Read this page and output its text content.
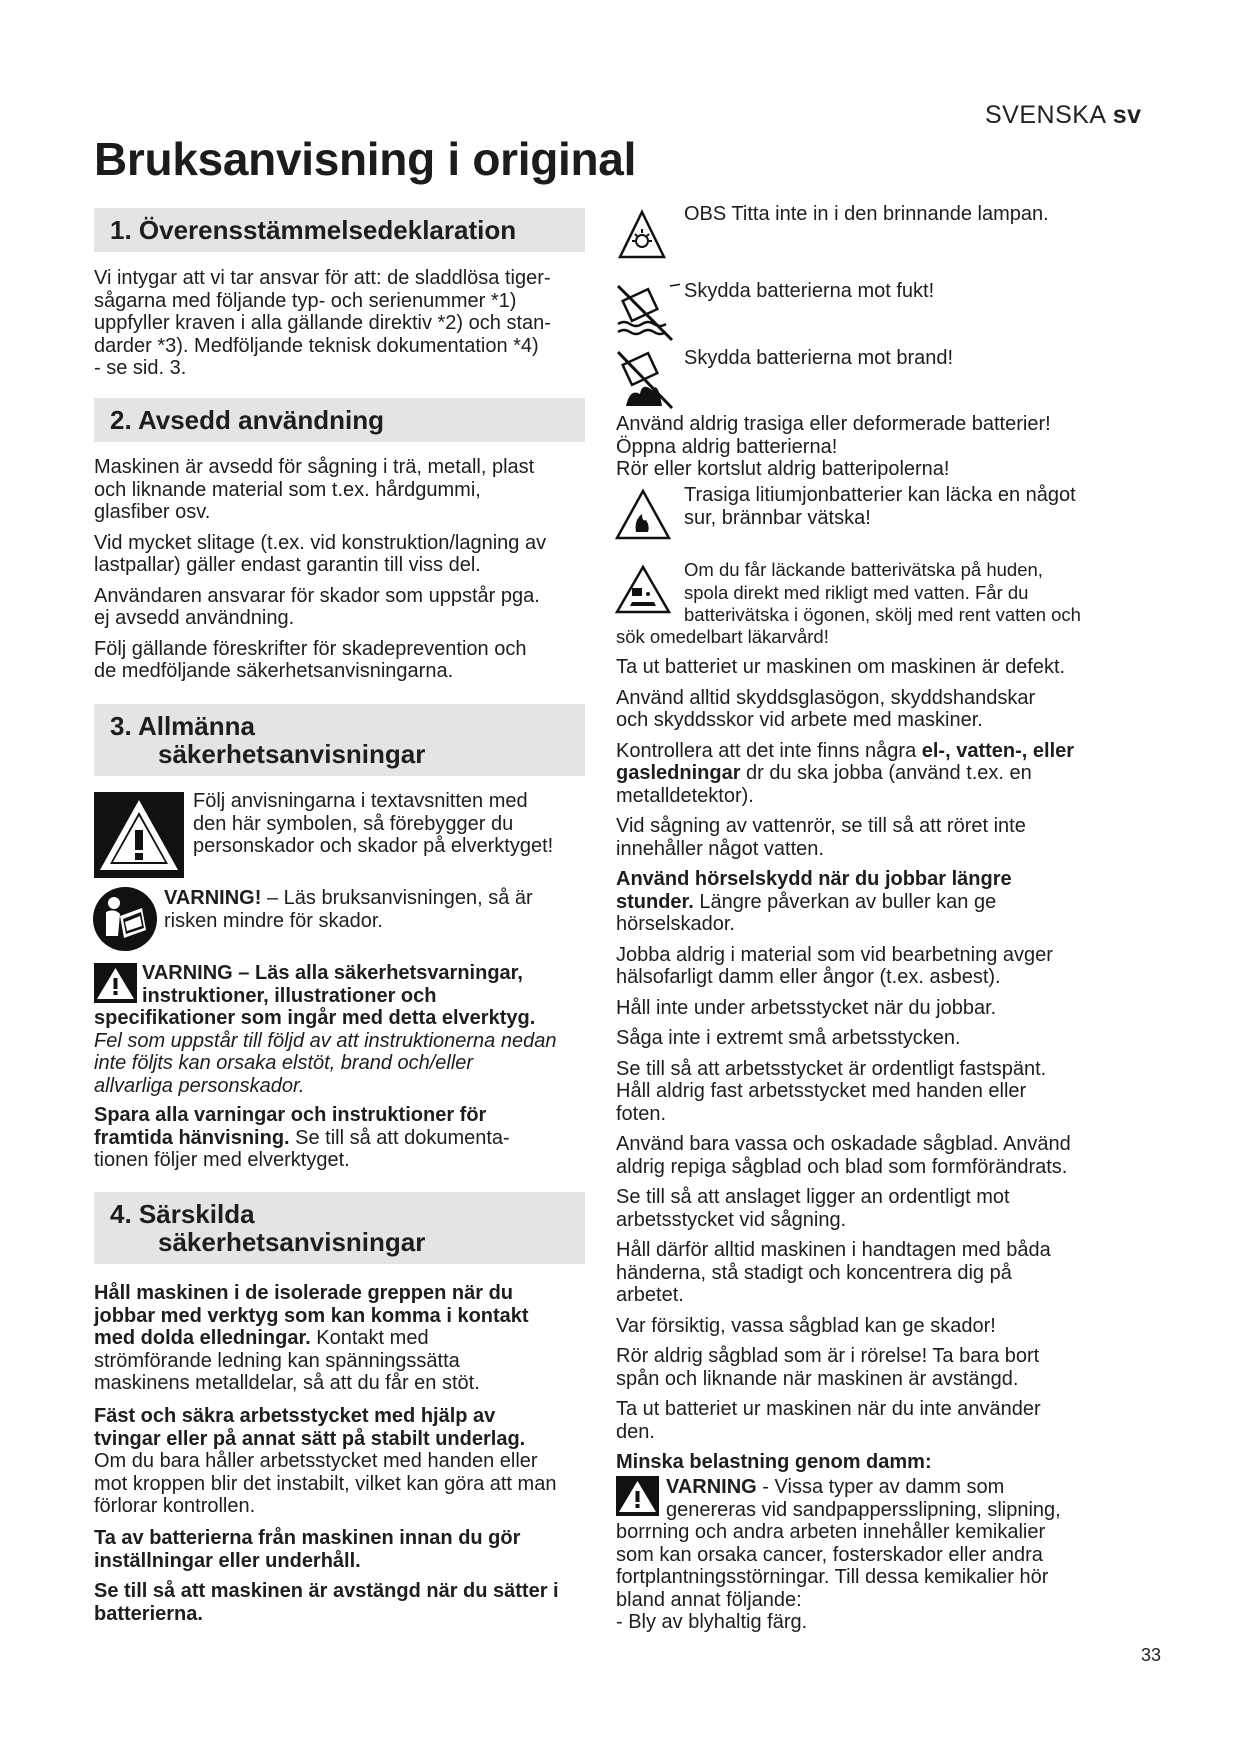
SVENSKA sv
Bruksanvisning i original
1. Överensstämmelsedeklaration

Vi intygar att vi tar ansvar för att: de sladdlösa tiger-

sågarna med följande typ- och serienummer *1)

uppfyller kraven i alla gällande direktiv *2) och stan-

darder *3). Medföljande teknisk dokumentation *4)

- se sid. 3.

2. Avsedd användning

Maskinen är avsedd för sågning i trä, metall, plast

och liknande material som t.ex. hårdgummi,

glasfiber osv.

Vid mycket slitage (t.ex. vid konstruktion/lagning av

lastpallar) gäller endast garantin till viss del.

Användaren ansvarar för skador som uppstår pga.

ej avsedd användning.

Följ gällande föreskrifter för skadeprevention och

de medföljande säkerhetsanvisningarna.

3. Allmänna
säkerhetsanvisningar

Följ anvisningarna i textavsnitten med

den här symbolen, så förebygger du

personskador och skador på elverktyget!

VARNING! – Läs bruksanvisningen, så är

risken mindre för skador.

VARNING – Läs alla säkerhetsvarningar,

instruktioner, illustrationer och

specifikationer som ingår med detta elverktyg.

Fel som uppstår till följd av att instruktionerna nedan

inte följts kan orsaka elstöt, brand och/eller

allvarliga personskador.

Spara alla varningar och instruktioner för

framtida hänvisning. Se till så att dokumenta-

tionen följer med elverktyget.

4. Särskilda
säkerhetsanvisningar

Håll maskinen i de isolerade greppen när du

jobbar med verktyg som kan komma i kontakt

med dolda elledningar. Kontakt med

strömförande ledning kan spänningssätta

maskinens metalldelar, så att du får en stöt.

Fäst och säkra arbetsstycket med hjälp av

tvingar eller på annat sätt på stabilt underlag.

Om du bara håller arbetsstycket med handen eller

mot kroppen blir det instabilt, vilket kan göra att man

förlorar kontrollen.

Ta av batterierna från maskinen innan du gör

inställningar eller underhåll.

Se till så att maskinen är avstängd när du sätter i

batterierna.

OBS Titta inte in i den brinnande lampan.
Skydda batterierna mot fukt!
Skydda batterierna mot brand!

Använd aldrig trasiga eller deformerade batterier!

Öppna aldrig batterierna!

Rör eller kortslut aldrig batteripolerna!

Trasiga litiumjonbatterier kan läcka en något

sur, brännbar vätska!

Om du får läckande batterivätska på huden,

spola direkt med rikligt med vatten. Får du

batterivätska i ögonen, skölj med rent vatten och

sök omedelbart läkarvård!

Ta ut batteriet ur maskinen om maskinen är defekt.

Använd alltid skyddsglasögon, skyddshandskar

och skyddsskor vid arbete med maskiner.

Kontrollera att det inte finns några el-, vatten-, eller

gasledningar dr du ska jobba (använd t.ex. en

metalldetektor).

Vid sågning av vattenrör, se till så att röret inte

innehåller något vatten.

Använd hörselskydd när du jobbar längre

stunder. Längre påverkan av buller kan ge

hörselskador.

Jobba aldrig i material som vid bearbetning avger

hälsofarligt damm eller ångor (t.ex. asbest).

Håll inte under arbetsstycket när du jobbar.

Såga inte i extremt små arbetsstycken.

Se till så att arbetsstycket är ordentligt fastspänt.

Håll aldrig fast arbetsstycket med handen eller

foten.

Använd bara vassa och oskadade sågblad. Använd

aldrig repiga sågblad och blad som formförändrats.

Se till så att anslaget ligger an ordentligt mot

arbetsstycket vid sågning.

Håll därför alltid maskinen i handtagen med båda

händerna, stå stadigt och koncentrera dig på

arbetet.

Var försiktig, vassa sågblad kan ge skador!

Rör aldrig sågblad som är i rörelse! Ta bara bort

spån och liknande när maskinen är avstängd.

Ta ut batteriet ur maskinen när du inte använder

den.

Minska belastning genom damm:

VARNING - Vissa typer av damm som

genereras vid sandpappersslipning, slipning,

borrning och andra arbeten innehåller kemikalier

som kan orsaka cancer, fosterskador eller andra

fortplantningsstörningar. Till dessa kemikalier hör

bland annat följande:

- Bly av blyhaltig färg.

33
